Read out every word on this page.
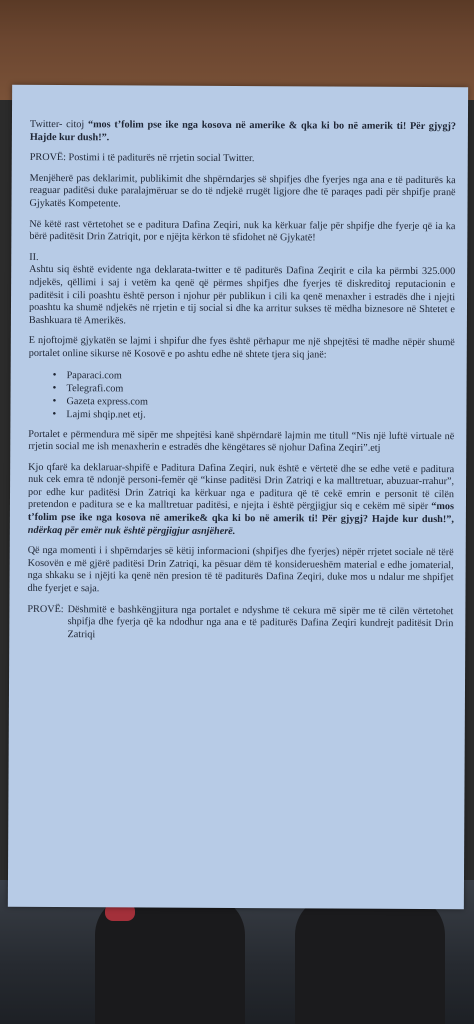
Twitter- citoj “mos t’folim pse ike nga kosova në amerike & qka ki bo në amerik ti! Për gjygj? Hajde kur dush!”.

PROVË: Postimi i të paditurës në rrjetin social Twitter.

Menjëherë pas deklarimit, publikimit dhe shpërndarjes së shpifjes dhe fyerjes nga ana e të paditurës ka reaguar paditësi duke paralajmëruar se do të ndjekë rrugët ligjore dhe të paraqes padi për shpifje pranë Gjykatës Kompetente.

Në këtë rast vërtetohet se e paditura Dafina Zeqiri, nuk ka kërkuar falje për shpifje dhe fyerje që ia ka bërë paditësit Drin Zatriqit, por e njëjta kërkon të sfidohet në Gjykatë!

II.

Ashtu siq është evidente nga deklarata-twitter e të paditurës Dafina Zeqirit e cila ka përmbi 325.000 ndjekës, qëllimi i saj i vetëm ka qenë që përmes shpifjes dhe fyerjes të diskredito̧j reputacionin e paditësit i cili poashtu është person i njohur për publikun i cili ka qenë menaxher i estradës dhe i njejti poashtu ka shumë ndjekës në rrjetin e tij social si dhe ka arritur sukses të mëdha biznesore në Shtetet e Bashkuara të Amerikës.

E njoftojmë gjykatën se lajmi i shpifur dhe fyes është përhapur me një shpejtësi të madhe nëpër shumë portalet online sikurse në Kosovë e po ashtu edhe në shtete tjera siq janë:

• Paparaci.com
• Telegrafi.com
• Gazeta express.com
• Lajmi shqip.net etj.

Portalet e përmendura më sipër me shpejtësi kanë shpërndarë lajmin me titull “Nis një luftë virtuale në rrjetin social me ish menaxherin e estradës dhe këngëtares së njohur Dafina Zeqiri”.etj

Kjo qfarë ka deklaruar-shpifë e Paditura Dafina Zeqiri, nuk është e vërtetë dhe se edhe vetë e paditura nuk cek emra të ndonjë personi-femër që “kinse paditësi Drin Zatriqi e ka malltretuar, abuzuar-rrahur”, por edhe kur paditësi Drin Zatriqi ka kërkuar nga e paditura që të cekë emrin e personit të cilën pretendon e paditura se e ka malltretuar paditësi, e njejta i është përgjigjur siq e cekëm më sipër “mos t’folim pse ike nga kosova në amerike& qka ki bo në amerik ti! Për gjygj? Hajde kur dush!”, ndërkaq për emër nuk është përgjigjur asnjëherë.

Që nga momenti i i shpërndarjes së këtij informacioni (shpifjes dhe fyerjes) nëpër rrjetet sociale në tërë Kosovën e më gjërë paditësi Drin Zatriqi, ka pësuar dëm të konsiderueshëm material e edhe jomaterial, nga shkaku se i njëjti ka qenë nën presion të të paditurës Dafina Zeqiri, duke mos u ndalur me shpifjet dhe fyerjet e saja.

PROVË: Dëshmitë e bashkëngjitura nga portalet e ndyshme të cekura më sipër me të cilën vërtetohet shpifja dhe fyerja që ka ndodhur nga ana e të paditurës Dafina Zeqiri kundrejt paditësit Drin Zatriqi
